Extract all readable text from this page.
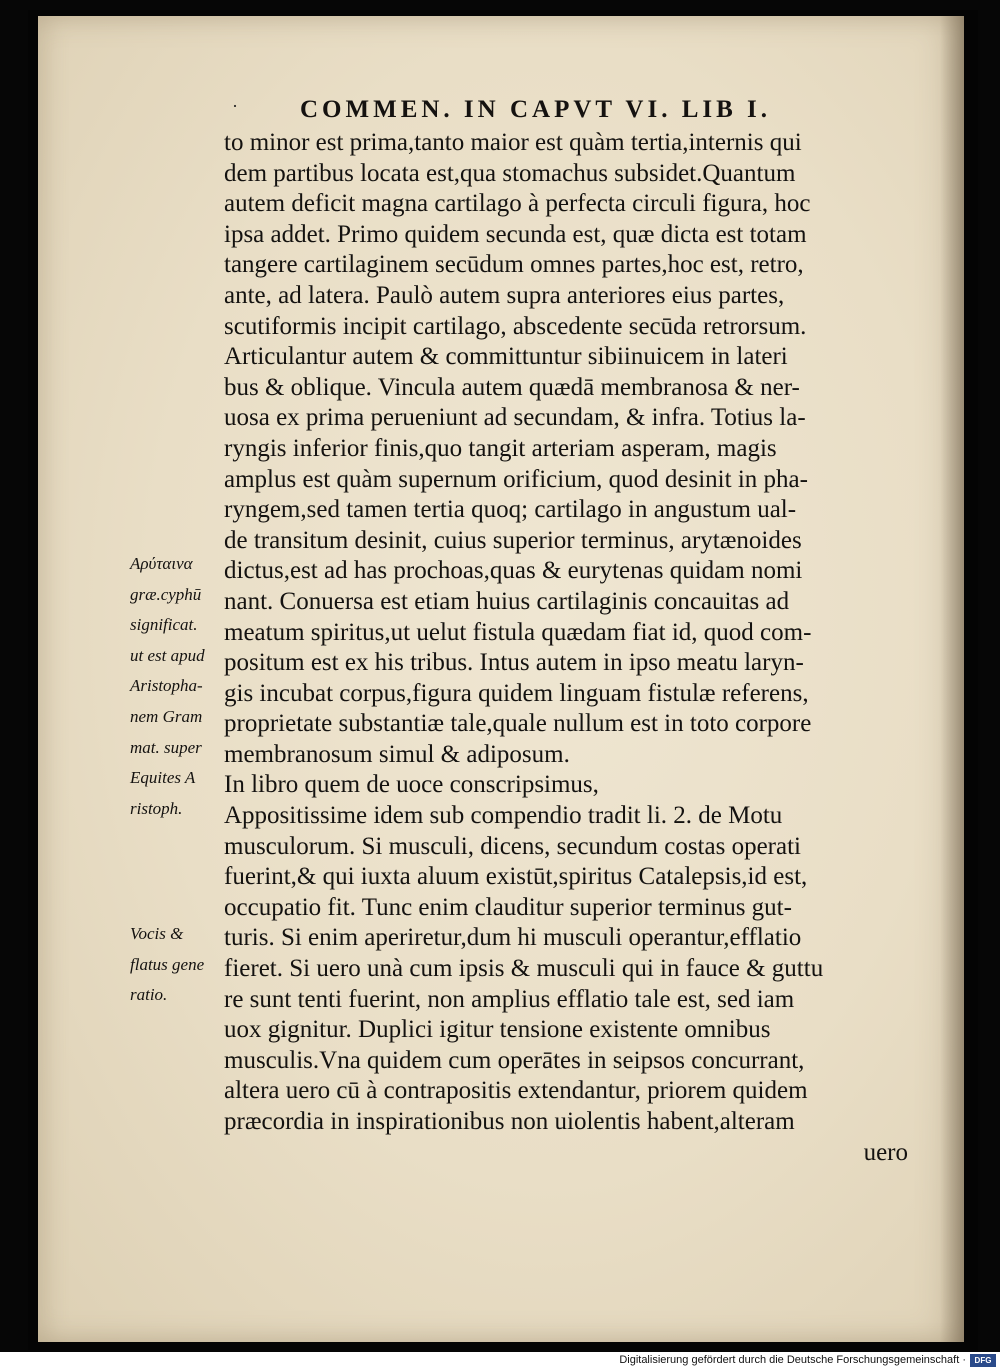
· COMMEN. IN CAPVT VI. LIB I.
to minor est prima,tanto maior est quàm tertia,internis qui
dem partibus locata est,qua stomachus subsidet.Quantum
autem deficit magna cartilago à perfecta circuli figura, hoc
ipsa addet. Primo quidem secunda est, quæ dicta est totam
tangere cartilaginem secūdum omnes partes,hoc est, retro,
ante, ad latera. Paulò autem supra anteriores eius partes,
scutiformis incipit cartilago, abscedente secūda retrorsum.
Articulantur autem & committuntur sibiinuicem in lateri
bus & oblique. Vincula autem quædā membranosa & ner-
uosa ex prima perueniunt ad secundam, & infra. Totius la-
ryngis inferior finis,quo tangit arteriam asperam, magis
amplus est quàm supernum orificium, quod desinit in pha-
ryngem,sed tamen tertia quoq; cartilago in angustum ual-
de transitum desinit, cuius superior terminus, arytænoides
dictus,est ad has prochoas,quas & eurytenas quidam nomi
nant. Conuersa est etiam huius cartilaginis concauitas ad
meatum spiritus,ut uelut fistula quædam fiat id, quod com-
positum est ex his tribus. Intus autem in ipso meatu laryn-
gis incubat corpus,figura quidem linguam fistulæ referens,
proprietate substantiæ tale,quale nullum est in toto corpore
membranosum simul & adiposum.
In libro quem de uoce conscripsimus,
Appositissime idem sub compendio tradit li. 2. de Motu
musculorum. Si musculi, dicens, secundum costas operati
fuerint,& qui iuxta aluum existūt,spiritus Catalepsis,id est,
occupatio fit. Tunc enim clauditur superior terminus gut-
turis. Si enim aperiretur,dum hi musculi operantur,efflatio
fieret. Si uero unà cum ipsis & musculi qui in fauce & guttu
re sunt tenti fuerint, non amplius efflatio tale est, sed iam
uox gignitur. Duplici igitur tensione existente omnibus
musculis.Vna quidem cum operātes in seipsos concurrant,
altera uero cū à contrapositis extendantur, priorem quidem
præcordia in inspirationibus non uiolentis habent,alteram
uero
Αρύταινα
græ.cyphū
significat.
ut est apud
Aristopha-
nem Gram
mat. super
Equites A
ristoph.
Vocis &
flatus gene
ratio.
Digitalisierung gefördert durch die Deutsche Forschungsgemeinschaft ·	DFG
